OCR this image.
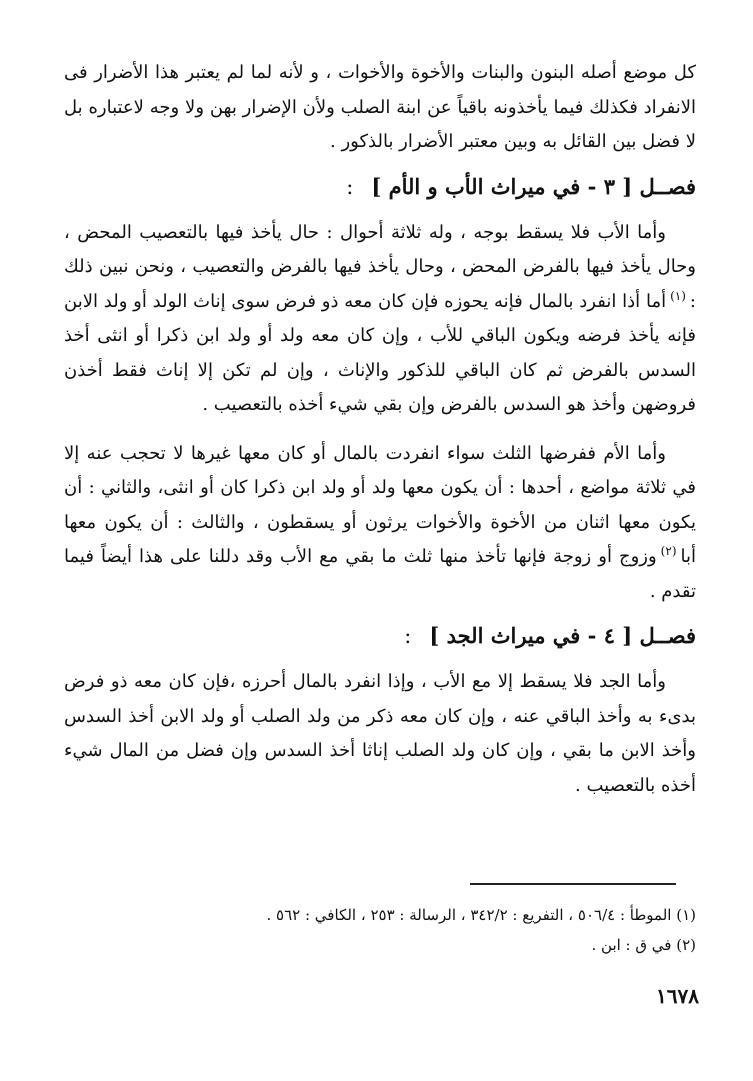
كل موضع أصله البنون والبنات والأخوة والأخوات ، و لأنه لما لم يعتبر هذا الأضرار فى الانفراد فكذلك فيما يأخذونه باقياً عن ابنة الصلب ولأن الإضرار بهن ولا وجه لاعتباره بل لا فضل بين القائل به وبين معتبر الأضرار بالذكور .

فصــل [ ٣ - في ميراث الأب و الأم ]:

وأما الأب فلا يسقط بوجه ، وله ثلاثة أحوال : حال يأخذ فيها بالتعصيب المحض ، وحال يأخذ فيها بالفرض المحض ، وحال يأخذ فيها بالفرض والتعصيب ، ونحن نبين ذلك :$^{(١)}$أما أذا انفرد بالمال فإنه يحوزه فإن كان معه ذو فرض سوى إناث الولد أو ولد الابن فإنه يأخذ فرضه ويكون الباقي للأب ، وإن كان معه ولد أو ولد ابن ذكرا أو انثى أخذ السدس بالفرض ثم كان الباقي للذكور والإناث ، وإن لم تكن إلا إناث فقط أخذن فروضهن وأخذ هو السدس بالفرض وإن بقي شيء أخذه بالتعصيب .

وأما الأم ففرضها الثلث سواء انفردت بالمال أو كان معها غيرها لا تحجب عنه إلا في ثلاثة مواضع ، أحدها : أن يكون معها ولد أو ولد ابن ذكرا كان أو انثى، والثاني : أن يكون معها اثنان من الأخوة والأخوات يرثون أو يسقطون ، والثالث : أن يكون معها أبا$^{(٢)}$وزوج أو زوجة فإنها تأخذ منها ثلث ما بقي مع الأب وقد دللنا على هذا أيضاً فيما تقدم .

فصــل [ ٤ - في ميراث الجد ]:

وأما الجد فلا يسقط إلا مع الأب ، وإذا انفرد بالمال أحرزه ،فإن كان معه ذو فرض بدىء به وأخذ الباقي عنه ، وإن كان معه ذكر من ولد الصلب أو ولد الابن أخذ السدس وأخذ الابن ما بقي ، وإن كان ولد الصلب إناثا أخذ السدس وإن فضل من المال شيء أخذه بالتعصيب .

(١) الموطأ : ٥٠٦/٤ ، التفريع : ٣٤٢/٢ ، الرسالة : ٢٥٣ ، الكافي : ٥٦٢ .

(٢) في ق : ابن .

١٦٧٨
